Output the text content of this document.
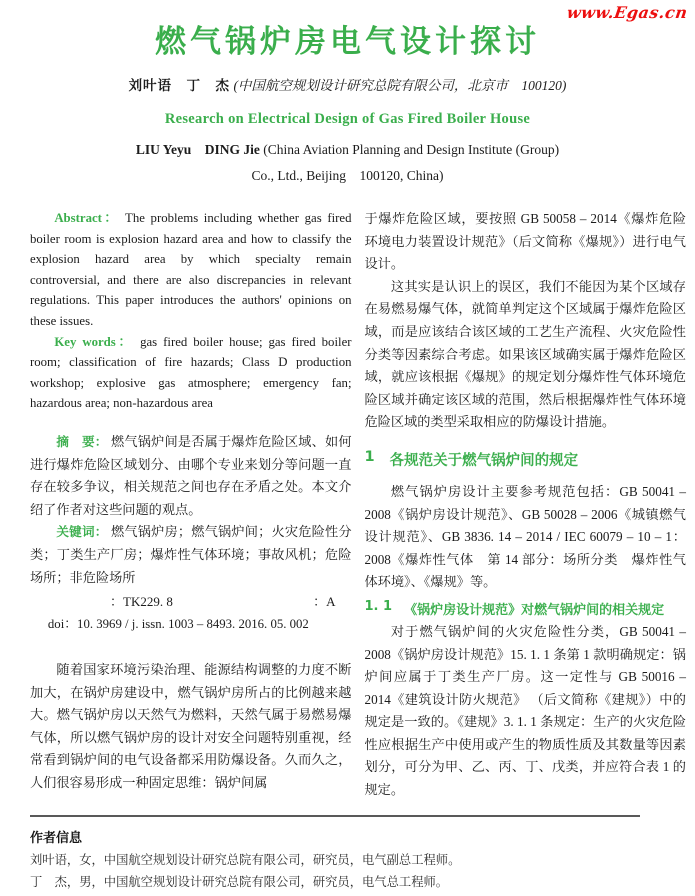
www.Egas.cn
燃气锅炉房电气设计探讨
刘叶语　丁　杰 (中国航空规划设计研究总院有限公司，北京市　100120)
Research on Electrical Design of Gas Fired Boiler House
LIU Yeyu　DING Jie (China Aviation Planning and Design Institute (Group)
Co., Ltd., Beijing　100120, China)

Abstract： The problems including whether gas fired boiler room is explosion hazard area and how to classify the explosion hazard area by which specialty remain controversial, and there are also discrepancies in relevant regulations. This paper introduces the authors' opinions on these issues.

Key words： gas fired boiler house; gas fired boiler room; classification of fire hazards; Class D production workshop; explosive gas atmosphere; emergency fan; hazardous area; non-hazardous area

摘　要： 燃气锅炉间是否属于爆炸危险区域、如何进行爆炸危险区域划分、由哪个专业来划分等问题一直存在较多争议，相关规范之间也存在矛盾之处。本文介绍了作者对这些问题的观点。

关键词： 燃气锅炉房；燃气锅炉间；火灾危险性分类；丁类生产厂房；爆炸性气体环境；事故风机；危险场所；非危险场所

：TK229. 8	：A

doi：10. 3969 / j. issn. 1003 – 8493. 2016. 05. 002

随着国家环境污染治理、能源结构调整的力度不断加大，在锅炉房建设中，燃气锅炉房所占的比例越来越大。燃气锅炉房以天然气为燃料，天然气属于易燃易爆气体，所以燃气锅炉房的设计对安全问题特别重视，经常看到锅炉间的电气设备都采用防爆设备。久而久之，人们很容易形成一种固定思维：锅炉间属

于爆炸危险区域，要按照 GB 50058 – 2014《爆炸危险环境电力装置设计规范》（后文简称《爆规》）进行电气设计。

这其实是认识上的误区，我们不能因为某个区域存在易燃易爆气体，就简单判定这个区域属于爆炸危险区域，而是应该结合该区域的工艺生产流程、火灾危险性分类等因素综合考虑。如果该区域确实属于爆炸危险区域，就应该根据《爆规》的规定划分爆炸性气体环境危险区域并确定该区域的范围，然后根据爆炸性气体环境危险区域的类型采取相应的防爆设计措施。

1 各规范关于燃气锅炉间的规定

燃气锅炉房设计主要参考规范包括：GB 50041 – 2008《锅炉房设计规范》、GB 50028 – 2006《城镇燃气设计规范》、GB 3836. 14 – 2014 / IEC 60079 – 10 – 1：2008《爆炸性气体　第 14 部分：场所分类　爆炸性气体环境》、《爆规》等。

1. 1 《锅炉房设计规范》对燃气锅炉间的相关规定

对于燃气锅炉间的火灾危险性分类，GB 50041 – 2008《锅炉房设计规范》15. 1. 1 条第 1 款明确规定：锅炉间应属于丁类生产厂房。这一定性与 GB 50016 – 2014《建筑设计防火规范》 （后文简称《建规》）中的规定是一致的。《建规》3. 1. 1 条规定：生产的火灾危险性应根据生产中使用或产生的物质性质及其数量等因素划分，可分为甲、乙、丙、丁、戊类，并应符合表 1 的规定。

作者信息
刘叶语，女，中国航空规划设计研究总院有限公司，研究员，电气副总工程师。
丁　杰，男，中国航空规划设计研究总院有限公司，研究员，电气总工程师。
